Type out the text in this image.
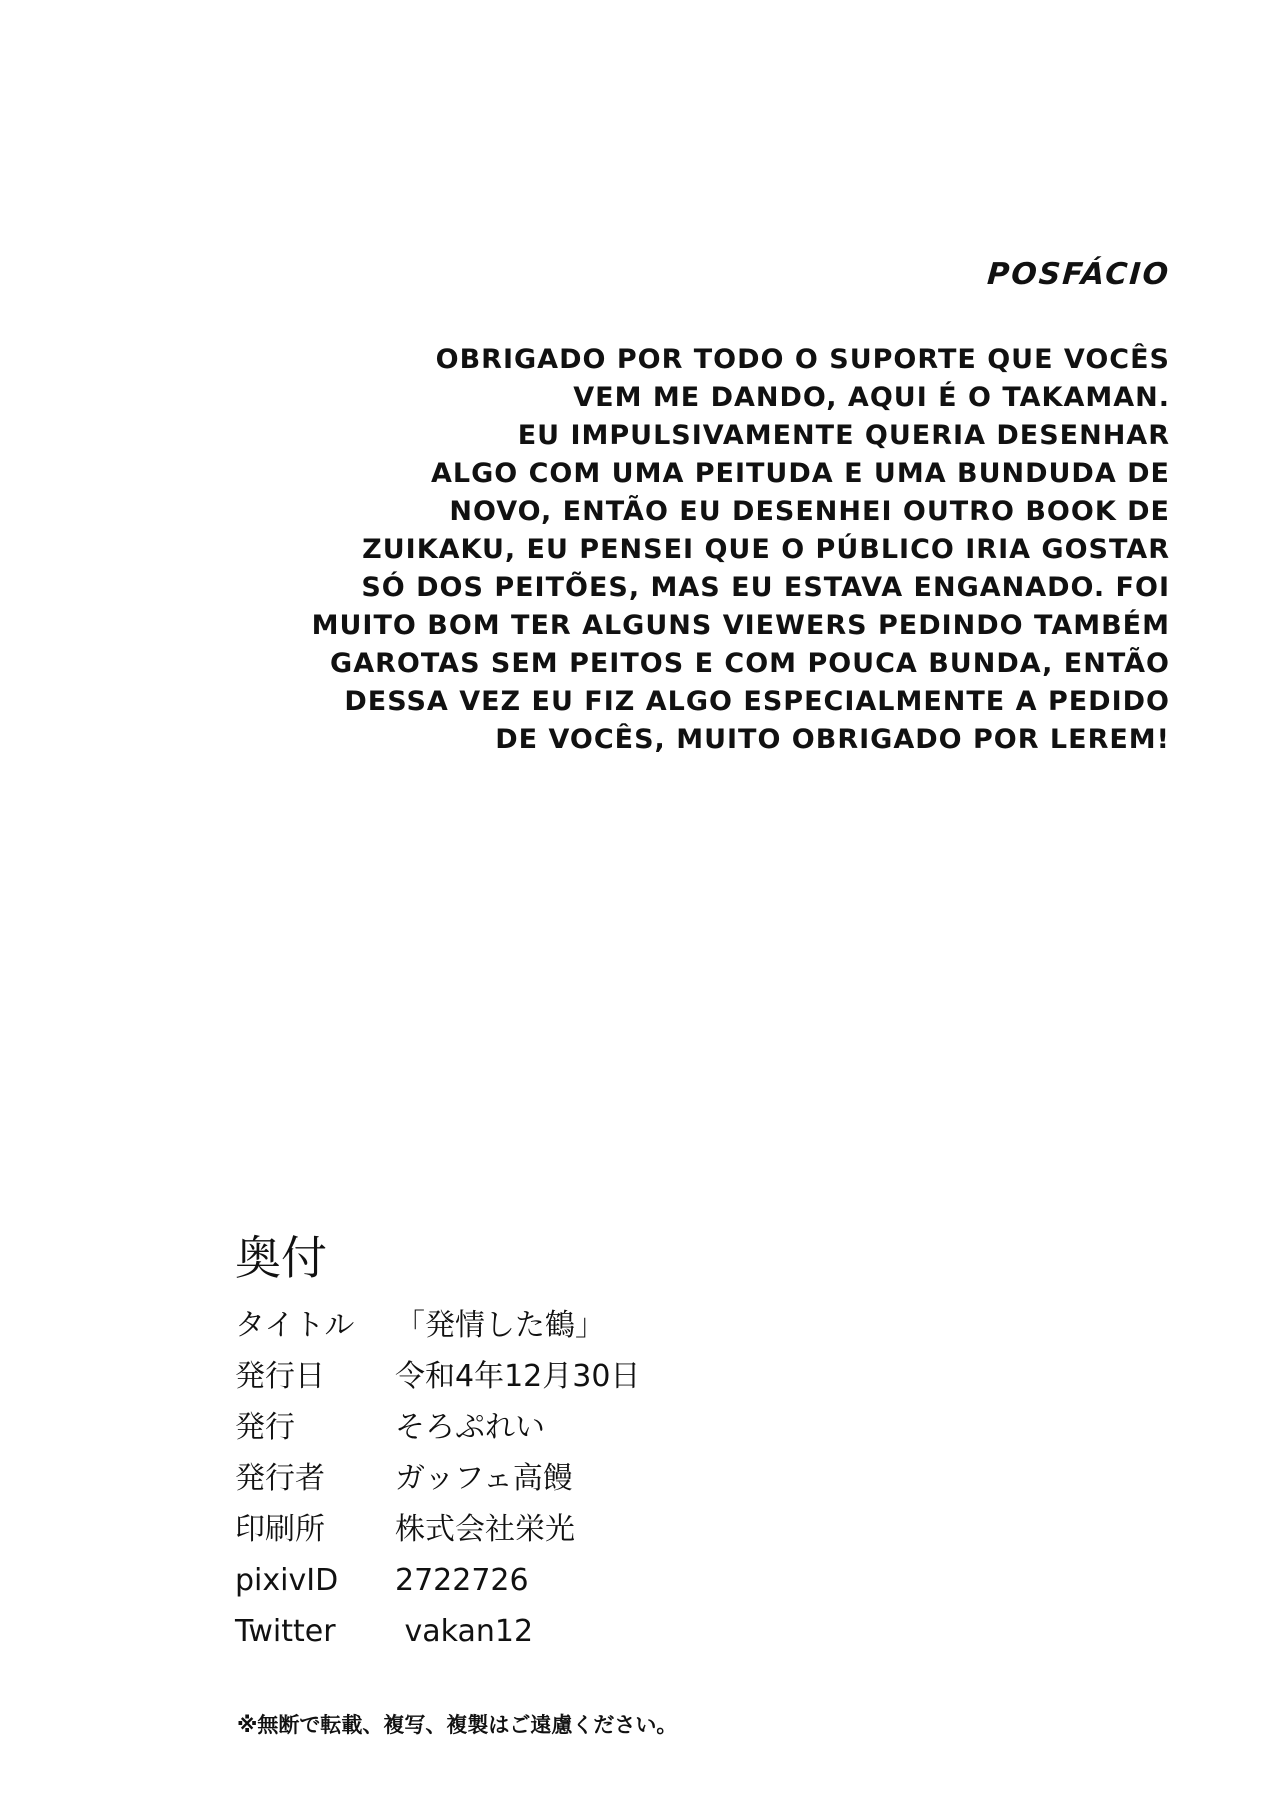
POSFÁCIO
OBRIGADO POR TODO O SUPORTE QUE VOCÊS
VEM ME DANDO, AQUI É O TAKAMAN.
EU IMPULSIVAMENTE QUERIA DESENHAR
ALGO COM UMA PEITUDA E UMA BUNDUDA DE
NOVO, ENTÃO EU DESENHEI OUTRO BOOK DE
ZUIKAKU, EU PENSEI QUE O PÚBLICO IRIA GOSTAR
SÓ DOS PEITÕES, MAS EU ESTAVA ENGANADO. FOI
MUITO BOM TER ALGUNS VIEWERS PEDINDO TAMBÉM
GAROTAS SEM PEITOS E COM POUCA BUNDA, ENTÃO
DESSA VEZ EU FIZ ALGO ESPECIALMENTE A PEDIDO
DE VOCÊS, MUITO OBRIGADO POR LEREM!
奥付
タイトル	「発情した鶴」
発行日	令和4年12月30日
発行	そろぷれい
発行者	ガッフェ高饅
印刷所	株式会社栄光
pixivID	2722726
Twitter	vakan12
※無断で転載、複写、複製はご遠慮ください。
